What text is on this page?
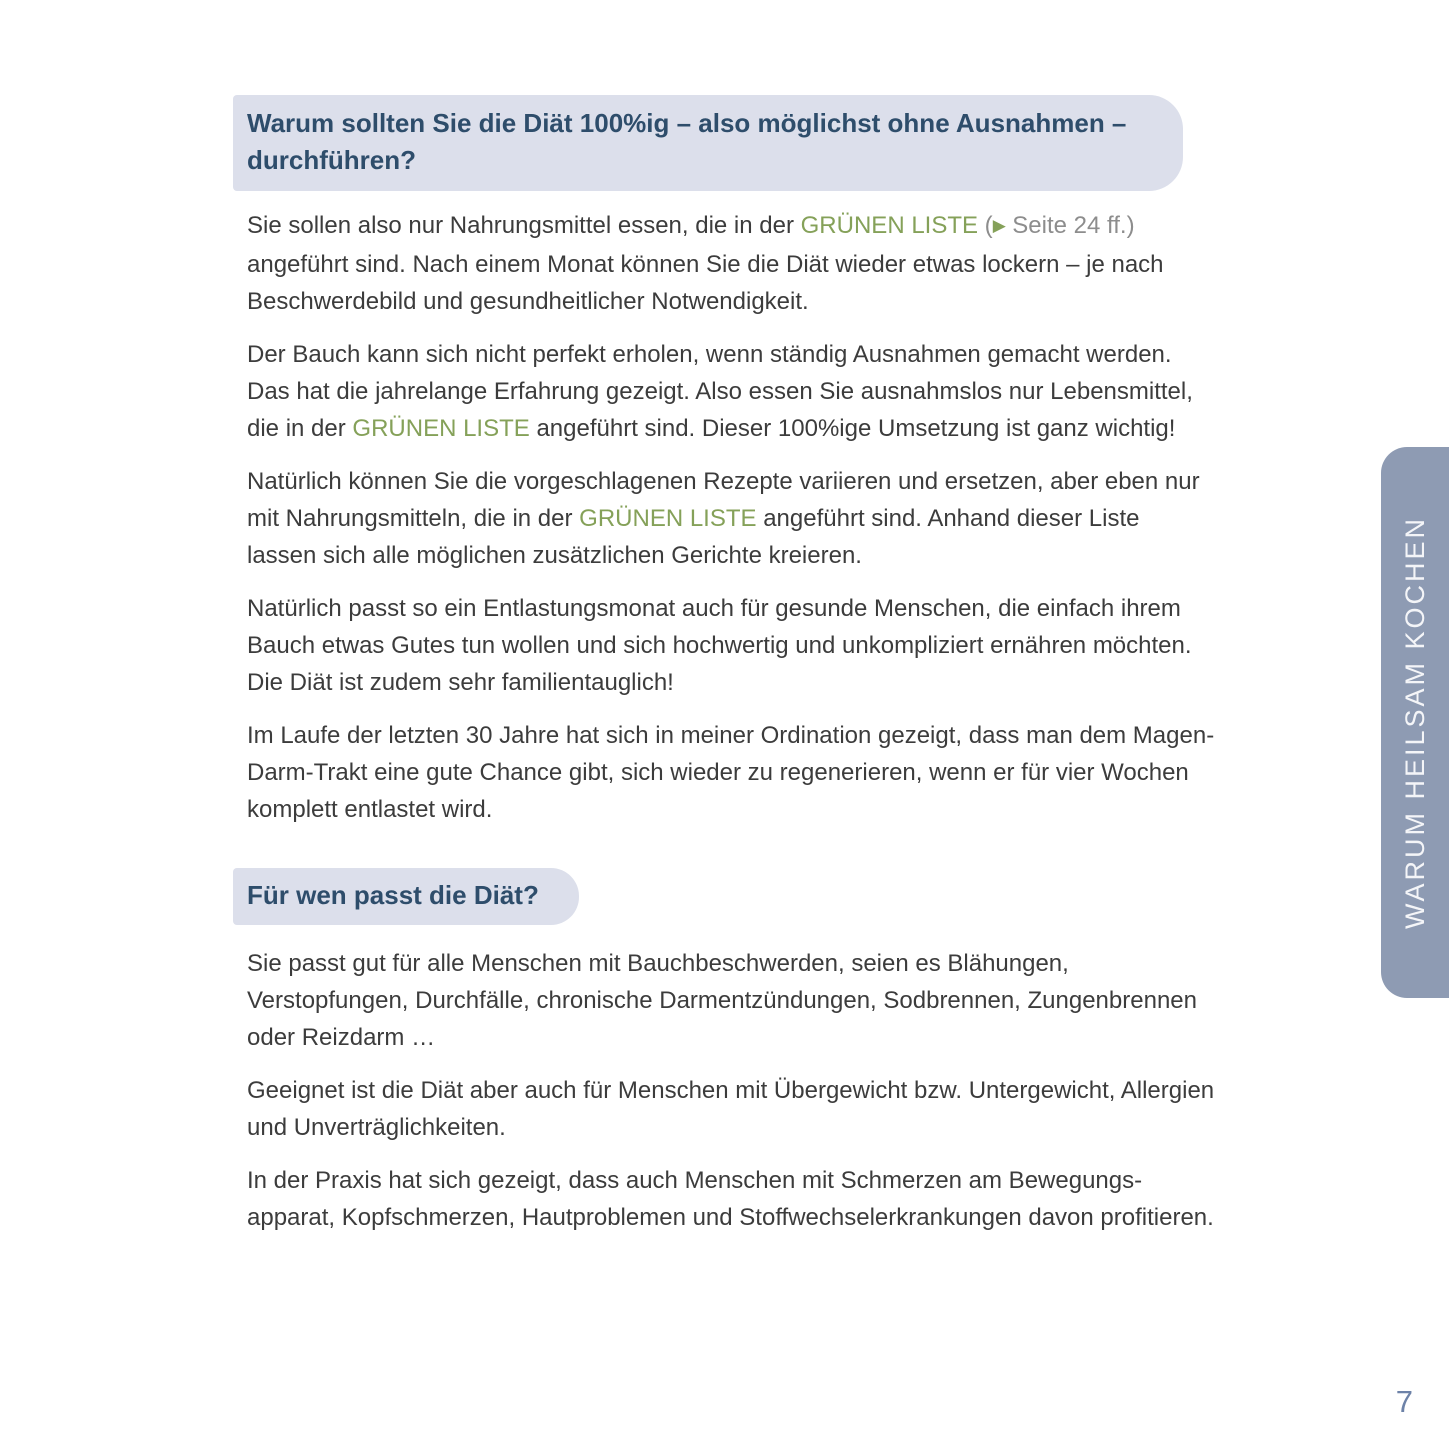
Warum sollten Sie die Diät 100%ig – also möglichst ohne Ausnahmen – durchführen?

Sie sollen also nur Nahrungsmittel essen, die in der GRÜNEN LISTE (▶ Seite 24 ff.) angeführt sind. Nach einem Monat können Sie die Diät wieder etwas lockern – je nach Beschwerdebild und gesundheitlicher Notwendigkeit.

Der Bauch kann sich nicht perfekt erholen, wenn ständig Ausnahmen gemacht werden. Das hat die jahrelange Erfahrung gezeigt. Also essen Sie ausnahmslos nur Lebensmittel, die in der GRÜNEN LISTE angeführt sind. Dieser 100%ige Umsetzung ist ganz wichtig!

Natürlich können Sie die vorgeschlagenen Rezepte variieren und ersetzen, aber eben nur mit Nahrungsmitteln, die in der GRÜNEN LISTE angeführt sind. Anhand dieser Liste lassen sich alle möglichen zusätzlichen Gerichte kreieren.

Natürlich passt so ein Entlastungsmonat auch für gesunde Menschen, die einfach ihrem Bauch etwas Gutes tun wollen und sich hochwertig und unkompliziert ernähren möchten. Die Diät ist zudem sehr familientauglich!

Im Laufe der letzten 30 Jahre hat sich in meiner Ordination gezeigt, dass man dem Magen-Darm-Trakt eine gute Chance gibt, sich wieder zu regenerieren, wenn er für vier Wochen komplett entlastet wird.

Für wen passt die Diät?

Sie passt gut für alle Menschen mit Bauchbeschwerden, seien es Blähungen, Verstopfungen, Durchfälle, chronische Darmentzündungen, Sodbrennen, Zungenbrennen oder Reizdarm …

Geeignet ist die Diät aber auch für Menschen mit Übergewicht bzw. Untergewicht, Allergien und Unverträglichkeiten.

In der Praxis hat sich gezeigt, dass auch Menschen mit Schmerzen am Bewegungsapparat, Kopfschmerzen, Hautproblemen und Stoffwechselerkrankungen davon profitieren.

WARUM HEILSAM KOCHEN
7
